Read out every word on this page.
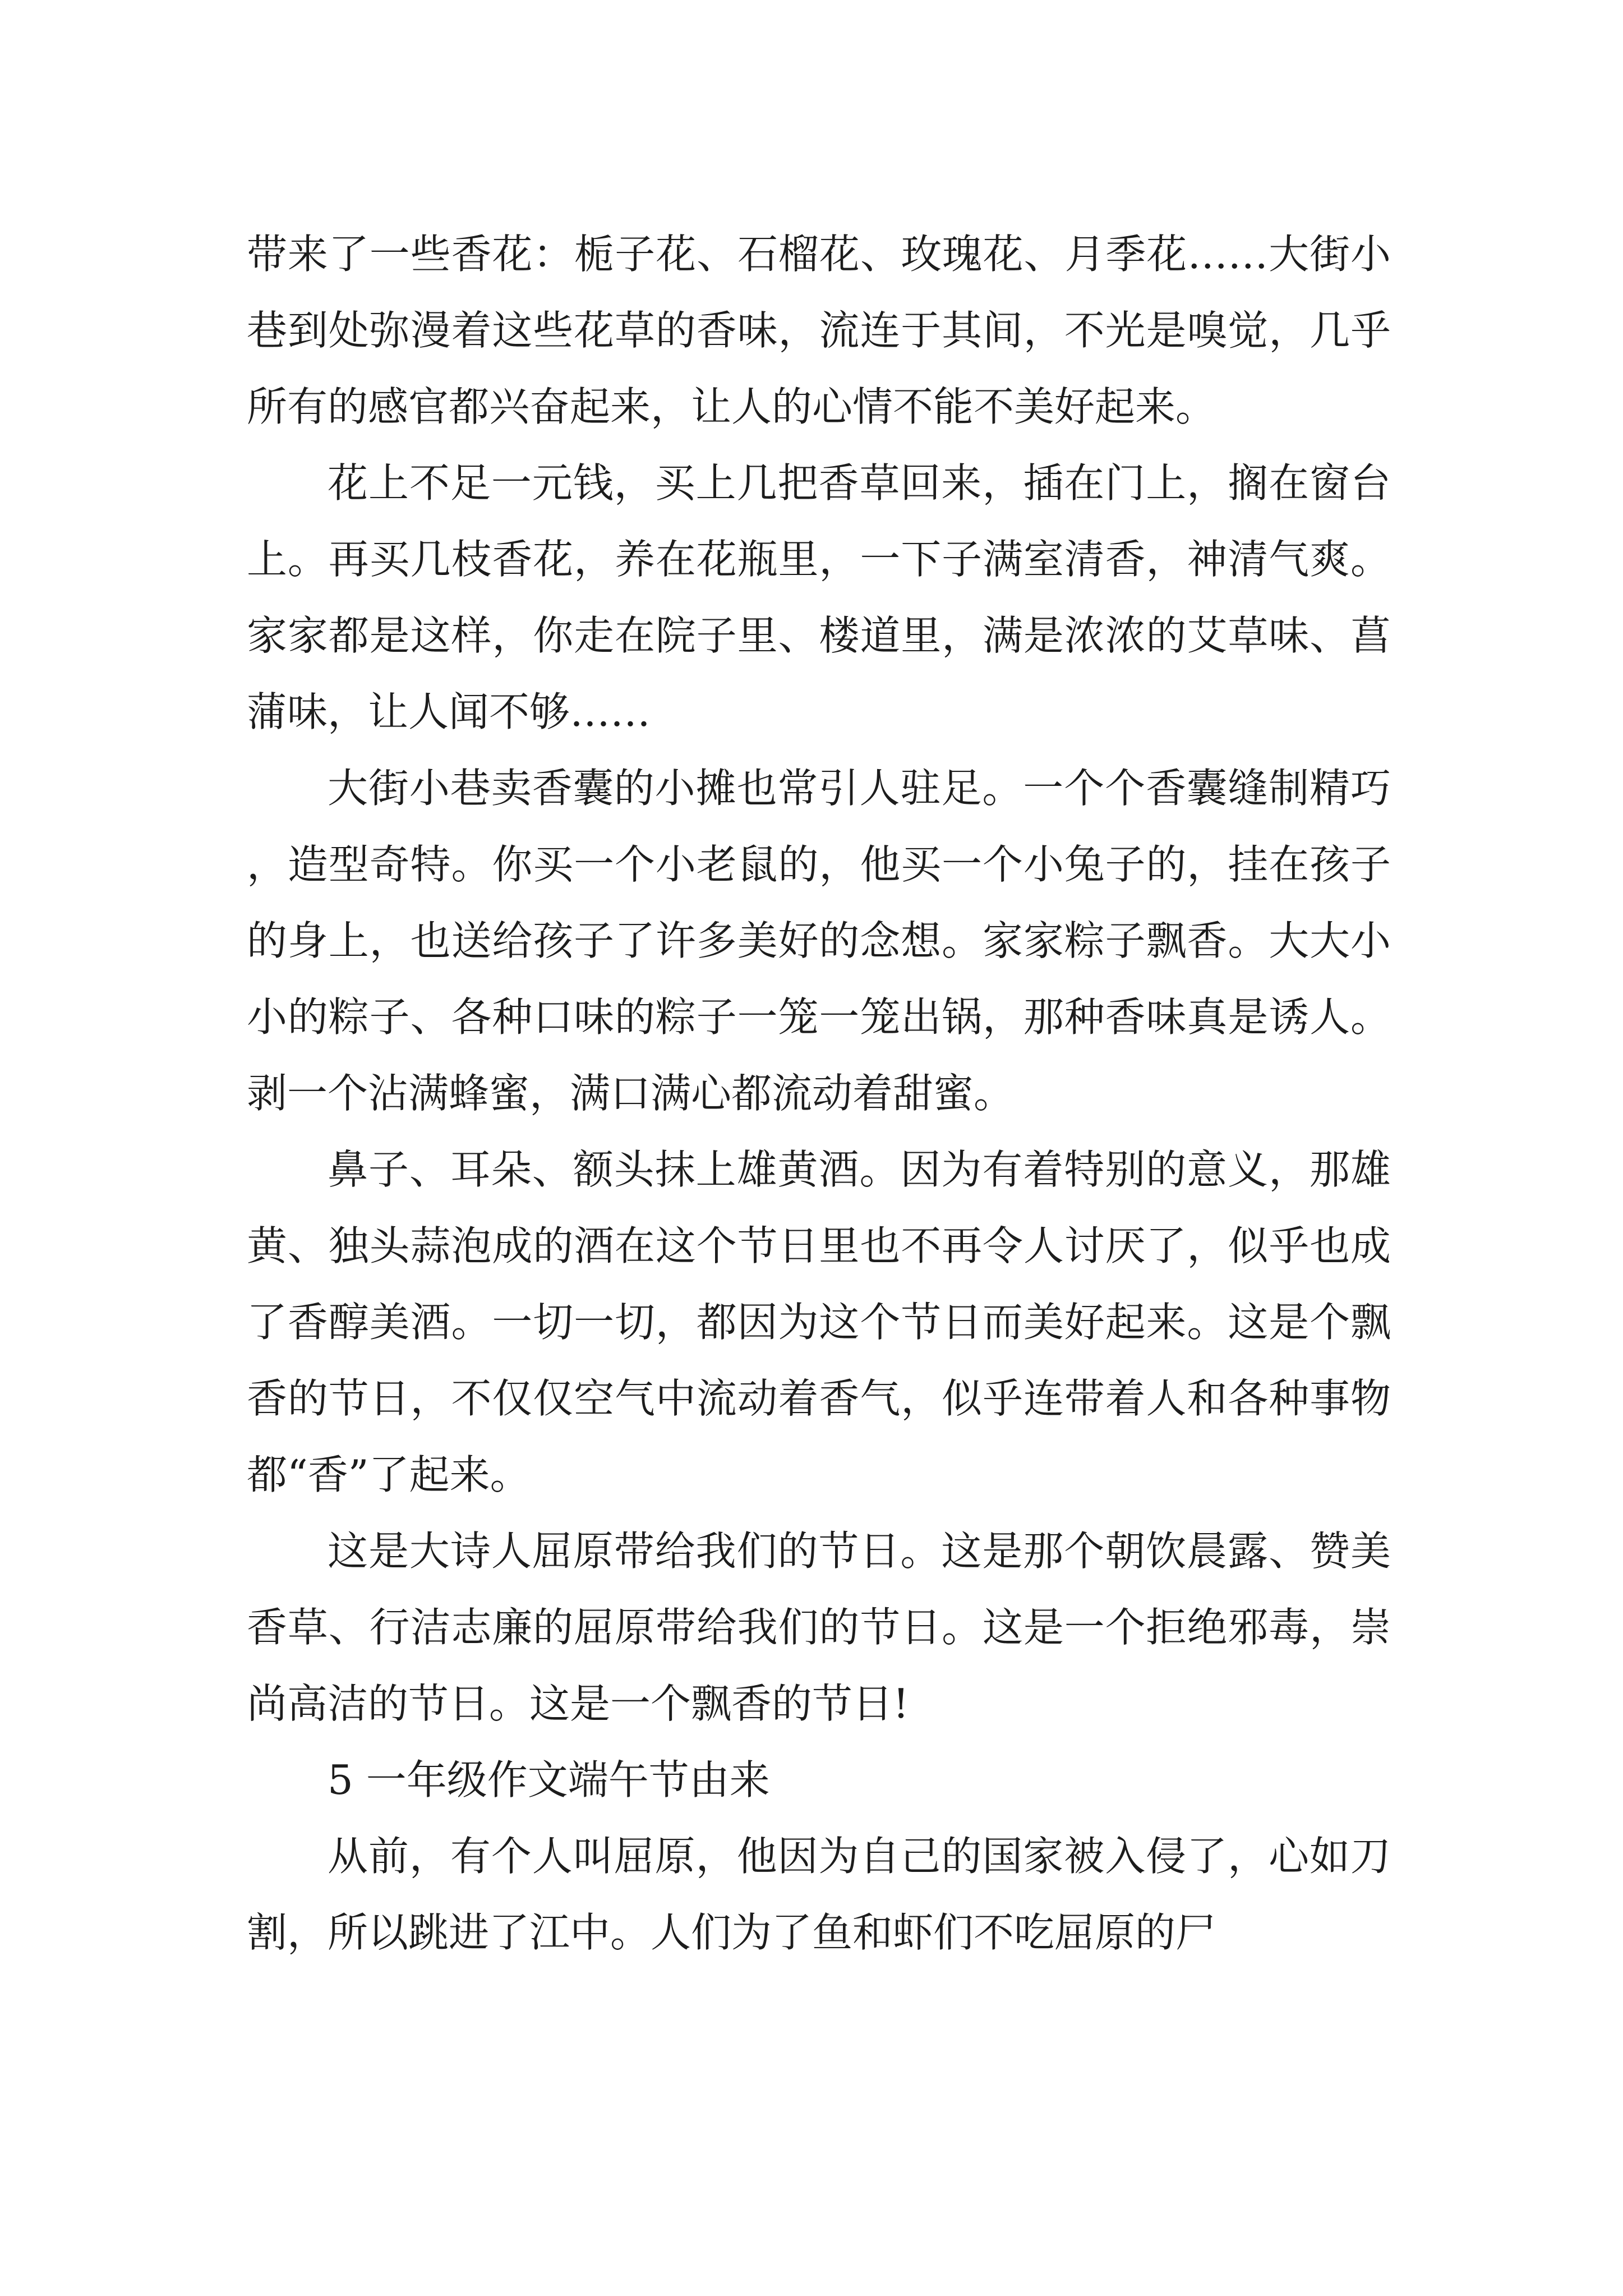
带来了一些香花：栀子花、石榴花、玫瑰花、月季花……大街小巷到处弥漫着这些花草的香味，流连于其间，不光是嗅觉，几乎所有的感官都兴奋起来，让人的心情不能不美好起来。

花上不足一元钱，买上几把香草回来，插在门上，搁在窗台上。再买几枝香花，养在花瓶里，一下子满室清香，神清气爽。家家都是这样，你走在院子里、楼道里，满是浓浓的艾草味、菖蒲味，让人闻不够……

大街小巷卖香囊的小摊也常引人驻足。一个个香囊缝制精巧，造型奇特。你买一个小老鼠的，他买一个小兔子的，挂在孩子的身上，也送给孩子了许多美好的念想。家家粽子飘香。大大小小的粽子、各种口味的粽子一笼一笼出锅，那种香味真是诱人。剥一个沾满蜂蜜，满口满心都流动着甜蜜。

鼻子、耳朵、额头抹上雄黄酒。因为有着特别的意义，那雄黄、独头蒜泡成的酒在这个节日里也不再令人讨厌了，似乎也成了香醇美酒。一切一切，都因为这个节日而美好起来。这是个飘香的节日，不仅仅空气中流动着香气，似乎连带着人和各种事物都“香”了起来。

这是大诗人屈原带给我们的节日。这是那个朝饮晨露、赞美香草、行洁志廉的屈原带给我们的节日。这是一个拒绝邪毒，崇尚高洁的节日。这是一个飘香的节日!

5 一年级作文端午节由来

从前，有个人叫屈原，他因为自己的国家被入侵了，心如刀割，所以跳进了江中。人们为了鱼和虾们不吃屈原的尸
